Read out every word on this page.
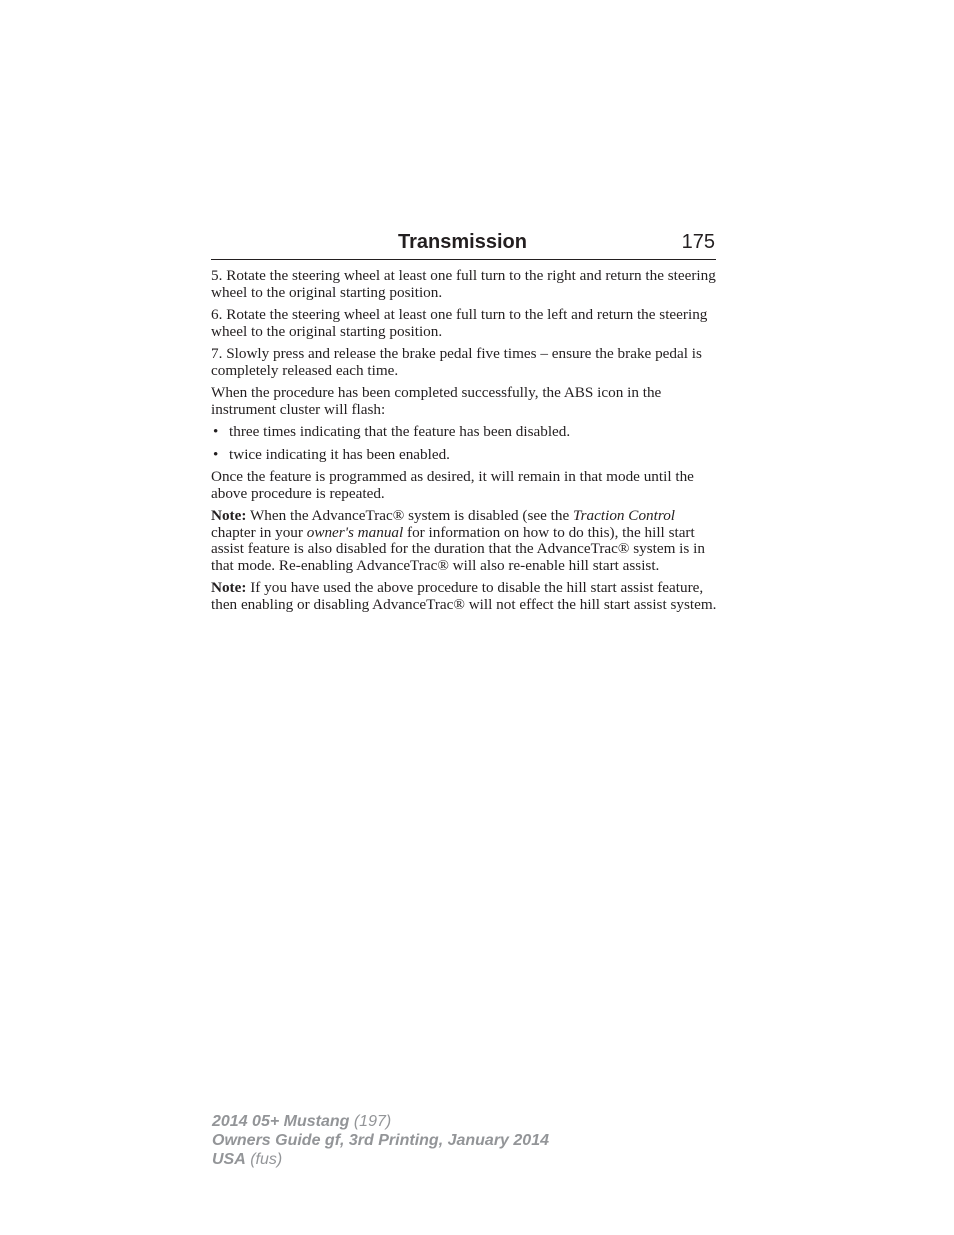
Transmission	175

5. Rotate the steering wheel at least one full turn to the right and return the steering wheel to the original starting position.

6. Rotate the steering wheel at least one full turn to the left and return the steering wheel to the original starting position.

7. Slowly press and release the brake pedal five times – ensure the brake pedal is completely released each time.

When the procedure has been completed successfully, the ABS icon in the instrument cluster will flash:

• three times indicating that the feature has been disabled.
• twice indicating it has been enabled.

Once the feature is programmed as desired, it will remain in that mode until the above procedure is repeated.

Note: When the AdvanceTrac® system is disabled (see the Traction Control chapter in your owner's manual for information on how to do this), the hill start assist feature is also disabled for the duration that the AdvanceTrac® system is in that mode. Re-enabling AdvanceTrac® will also re-enable hill start assist.

Note: If you have used the above procedure to disable the hill start assist feature, then enabling or disabling AdvanceTrac® will not effect the hill start assist system.

2014 05+ Mustang (197)
Owners Guide gf, 3rd Printing, January 2014
USA (fus)
